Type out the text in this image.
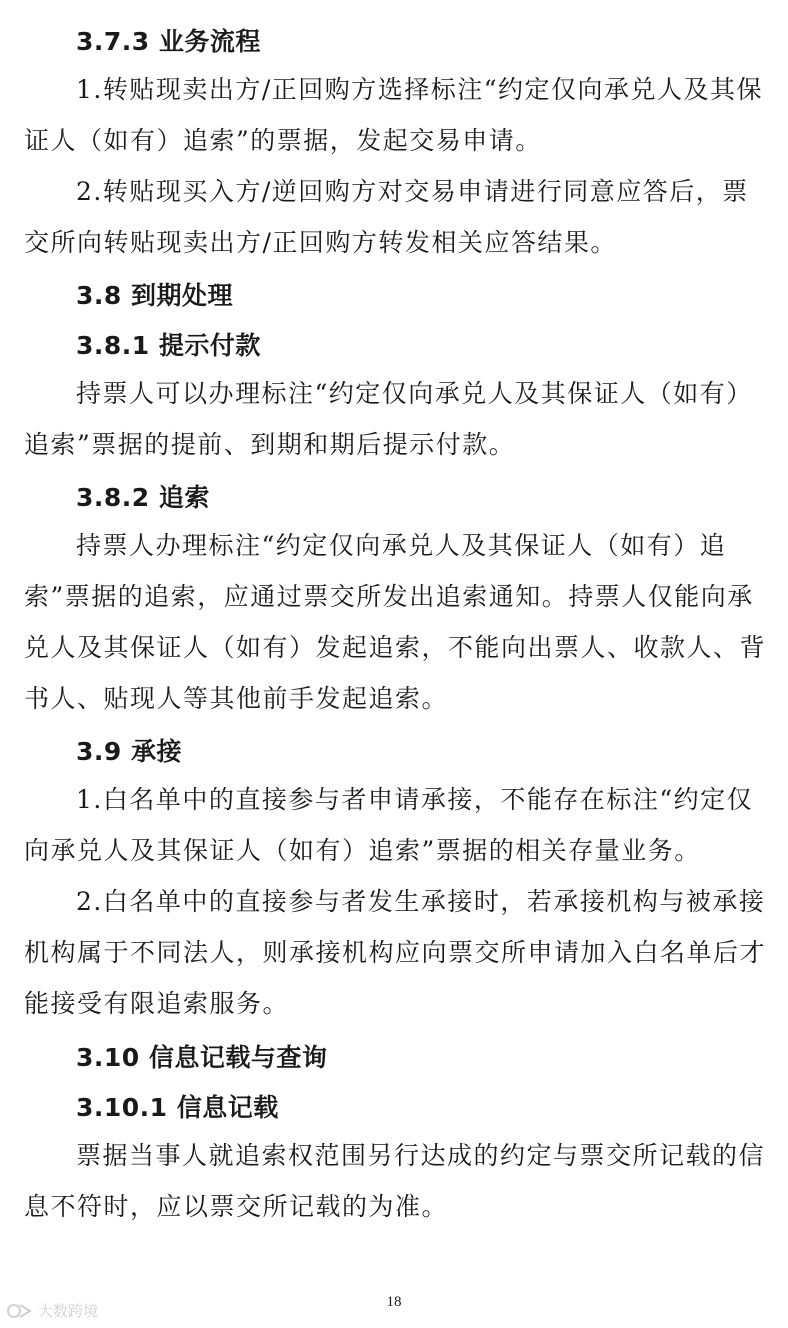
3.7.3 业务流程
1.转贴现卖出方/正回购方选择标注“约定仅向承兑人及其保证人（如有）追索”的票据，发起交易申请。
2.转贴现买入方/逆回购方对交易申请进行同意应答后，票交所向转贴现卖出方/正回购方转发相关应答结果。
3.8 到期处理
3.8.1 提示付款
持票人可以办理标注“约定仅向承兑人及其保证人（如有）追索”票据的提前、到期和期后提示付款。
3.8.2 追索
持票人办理标注“约定仅向承兑人及其保证人（如有）追索”票据的追索，应通过票交所发出追索通知。持票人仅能向承兑人及其保证人（如有）发起追索，不能向出票人、收款人、背书人、贴现人等其他前手发起追索。
3.9 承接
1.白名单中的直接参与者申请承接，不能存在标注“约定仅向承兑人及其保证人（如有）追索”票据的相关存量业务。
2.白名单中的直接参与者发生承接时，若承接机构与被承接机构属于不同法人，则承接机构应向票交所申请加入白名单后才能接受有限追索服务。
3.10 信息记载与查询
3.10.1 信息记载
票据当事人就追索权范围另行达成的约定与票交所记载的信息不符时，应以票交所记载的为准。
18
大数跨境
